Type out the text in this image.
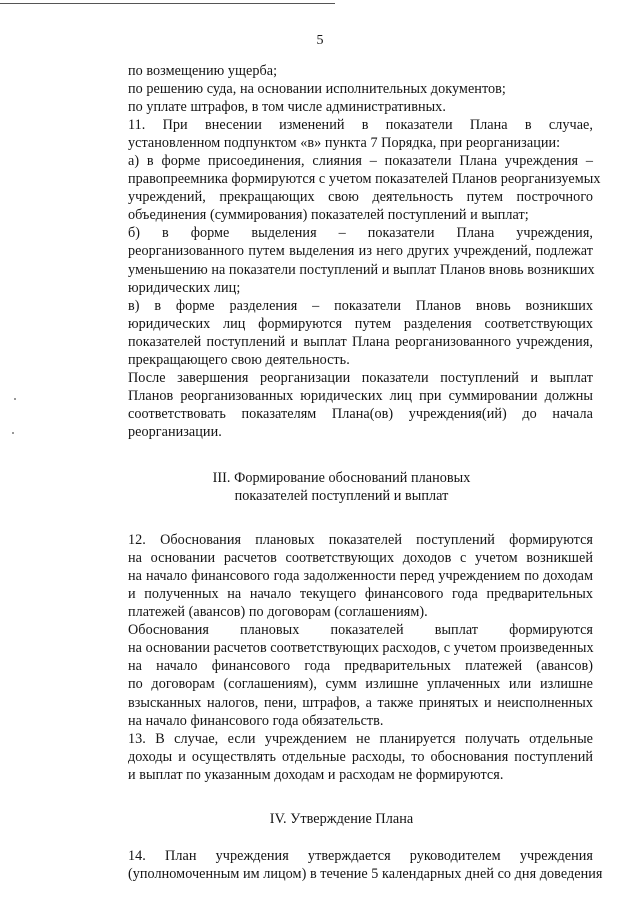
5
по возмещению ущерба;
по решению суда, на основании исполнительных документов;
по уплате штрафов, в том числе административных.
11. При внесении изменений в показатели Плана в случае,
установленном подпунктом «в» пункта 7 Порядка, при реорганизации:
а) в форме присоединения, слияния – показатели Плана учреждения –
правопреемника формируются с учетом показателей Планов реорганизуемых
учреждений, прекращающих свою деятельность путем построчного
объединения (суммирования) показателей поступлений и выплат;
б) в форме выделения – показатели Плана учреждения,
реорганизованного путем выделения из него других учреждений, подлежат
уменьшению на показатели поступлений и выплат Планов вновь возникших
юридических лиц;
в) в форме разделения – показатели Планов вновь возникших
юридических лиц формируются путем разделения соответствующих
показателей поступлений и выплат Плана реорганизованного учреждения,
прекращающего свою деятельность.
После завершения реорганизации показатели поступлений и выплат
Планов реорганизованных юридических лиц при суммировании должны
соответствовать показателям Плана(ов) учреждения(ий) до начала
реорганизации.
III. Формирование обоснований плановых
показателей поступлений и выплат
12. Обоснования плановых показателей поступлений формируются
на основании расчетов соответствующих доходов с учетом возникшей
на начало финансового года задолженности перед учреждением по доходам
и полученных на начало текущего финансового года предварительных
платежей (авансов) по договорам (соглашениям).
Обоснования плановых показателей выплат формируются
на основании расчетов соответствующих расходов, с учетом произведенных
на начало финансового года предварительных платежей (авансов)
по договорам (соглашениям), сумм излишне уплаченных или излишне
взысканных налогов, пени, штрафов, а также принятых и неисполненных
на начало финансового года обязательств.
13. В случае, если учреждением не планируется получать отдельные
доходы и осуществлять отдельные расходы, то обоснования поступлений
и выплат по указанным доходам и расходам не формируются.
IV. Утверждение Плана
14. План учреждения утверждается руководителем учреждения
(уполномоченным им лицом) в течение 5 календарных дней со дня доведения
